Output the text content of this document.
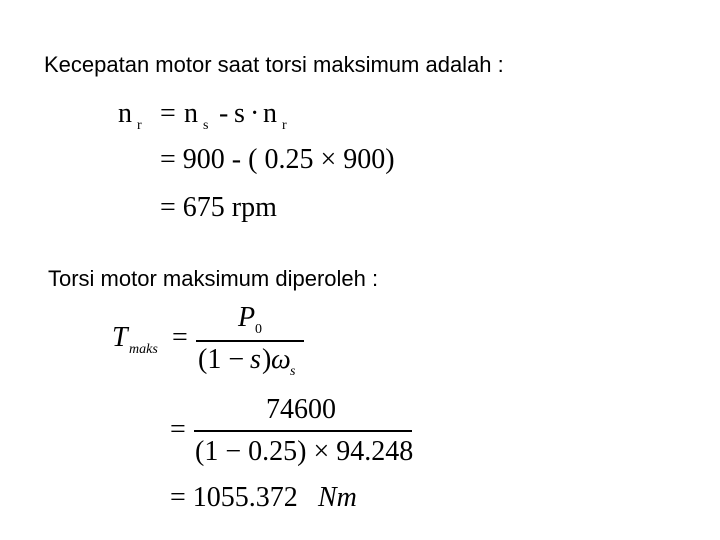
Kecepatan motor saat torsi maksimum adalah :
Torsi motor maksimum diperoleh :
n r = n s - s · n r
= 900 - ( 0.25 × 900)
= 675 rpm
T maks =
P 0
(1 − s ) ω s
=
74600
(1 − 0.25) × 94.248
= 1055.372 Nm
